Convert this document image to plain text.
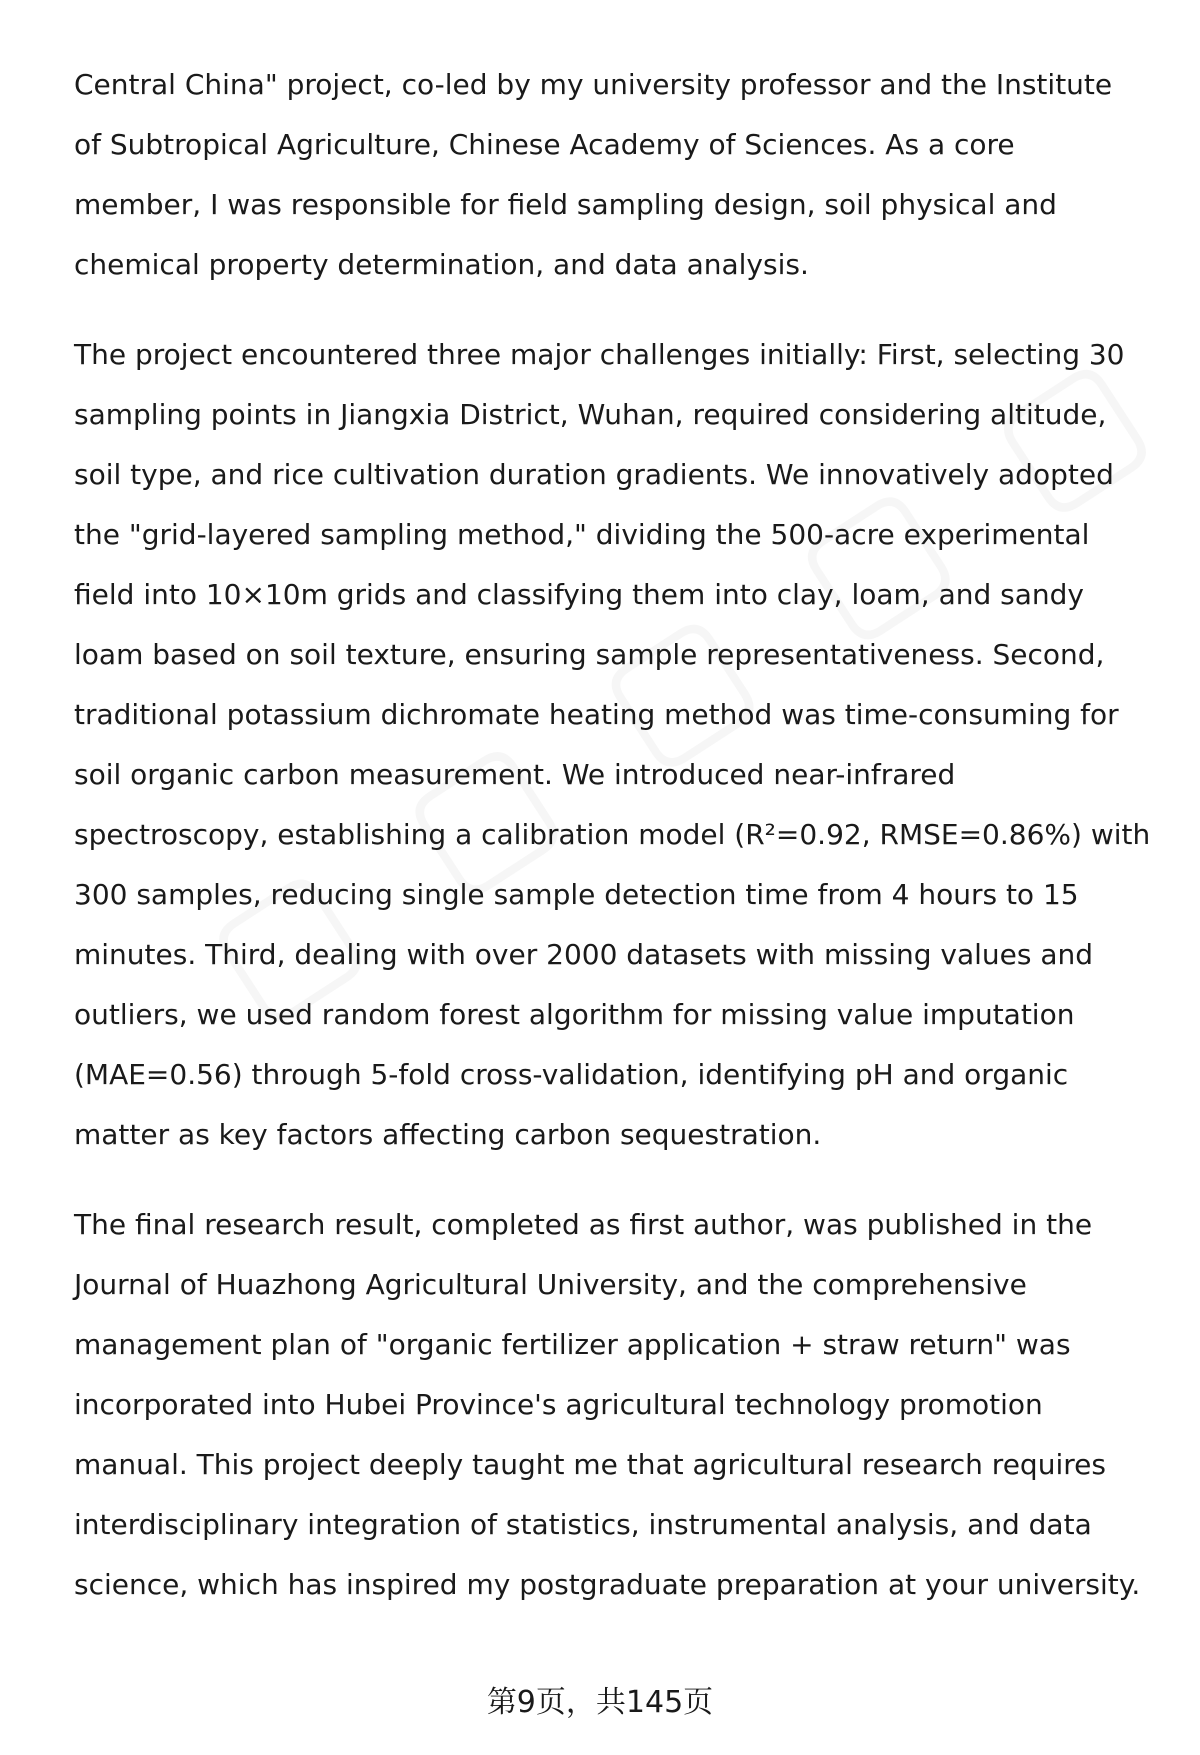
Central China" project, co-led by my university professor and the Institute
of Subtropical Agriculture, Chinese Academy of Sciences. As a core
member, I was responsible for field sampling design, soil physical and
chemical property determination, and data analysis.

The project encountered three major challenges initially: First, selecting 30
sampling points in Jiangxia District, Wuhan, required considering altitude,
soil type, and rice cultivation duration gradients. We innovatively adopted
the "grid-layered sampling method," dividing the 500-acre experimental
field into 10×10m grids and classifying them into clay, loam, and sandy
loam based on soil texture, ensuring sample representativeness. Second,
traditional potassium dichromate heating method was time-consuming for
soil organic carbon measurement. We introduced near-infrared
spectroscopy, establishing a calibration model (R²=0.92, RMSE=0.86%) with
300 samples, reducing single sample detection time from 4 hours to 15
minutes. Third, dealing with over 2000 datasets with missing values and
outliers, we used random forest algorithm for missing value imputation
(MAE=0.56) through 5-fold cross-validation, identifying pH and organic
matter as key factors affecting carbon sequestration.

The final research result, completed as first author, was published in the
Journal of Huazhong Agricultural University, and the comprehensive
management plan of "organic fertilizer application + straw return" was
incorporated into Hubei Province's agricultural technology promotion
manual. This project deeply taught me that agricultural research requires
interdisciplinary integration of statistics, instrumental analysis, and data
science, which has inspired my postgraduate preparation at your university.

第9页，共145页
